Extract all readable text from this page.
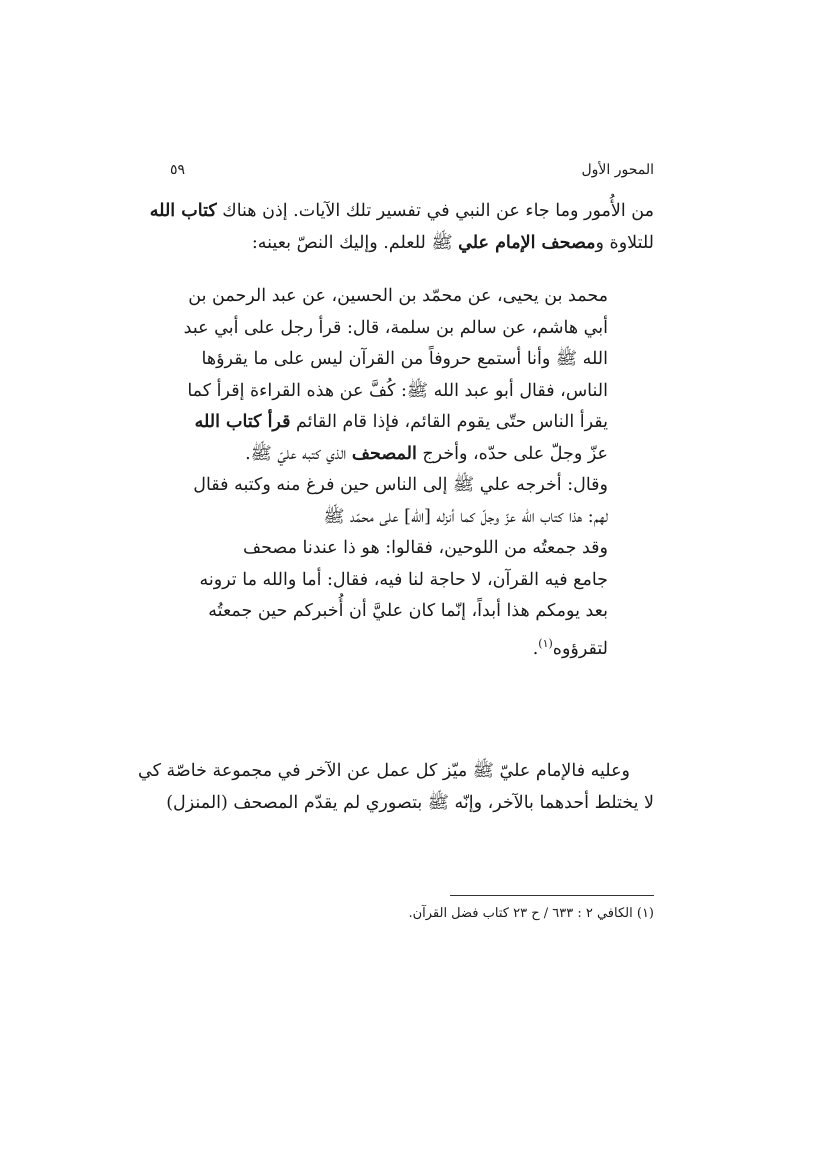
المحور الأول
٥٩
من الأُمور وما جاء عن النبي في تفسير تلك الآيات. إذن هناك كتاب الله
للتلاوة ومصحف الإمام علي ﷺ للعلم. وإليك النصّ بعينه:
محمد بن يحيى، عن محمّد بن الحسين، عن عبد الرحمن بن
أبي هاشم، عن سالم بن سلمة، قال: قرأ رجل على أبي عبد
الله ﷺ وأنا أستمع حروفاً من القرآن ليس على ما يقرؤها
الناس، فقال أبو عبد الله ﷺ: كُفَّ عن هذه القراءة إقرأ كما
يقرأ الناس حتّى يقوم القائم، فإذا قام القائم قرأ كتاب الله
عزّ وجلّ على حدّه، وأخرج المصحف الذي كتبه عليّ ﷺ.
وقال: أخرجه علي ﷺ إلى الناس حين فرغ منه وكتبه فقال
لهم: هذا كتاب الله عزّ وجلّ كما أنزله [الله] على محمّد ﷺ
وقد جمعتُه من اللوحين، فقالوا: هو ذا عندنا مصحف
جامع فيه القرآن، لا حاجة لنا فيه، فقال: أما والله ما ترونه
بعد يومكم هذا أبداً، إنّما كان عليَّ أن أُخبركم حين جمعتُه
لتقرؤوه$^{(١)}$.
وعليه فالإمام عليّ ﷺ ميّز كل عمل عن الآخر في مجموعة خاصّة كي
لا يختلط أحدهما بالآخر، وإنّه ﷺ بتصوري لم يقدّم المصحف (المنزل)
(١) الكافي ٢ : ٦٣٣ / ح ٢٣ كتاب فضل القرآن.
